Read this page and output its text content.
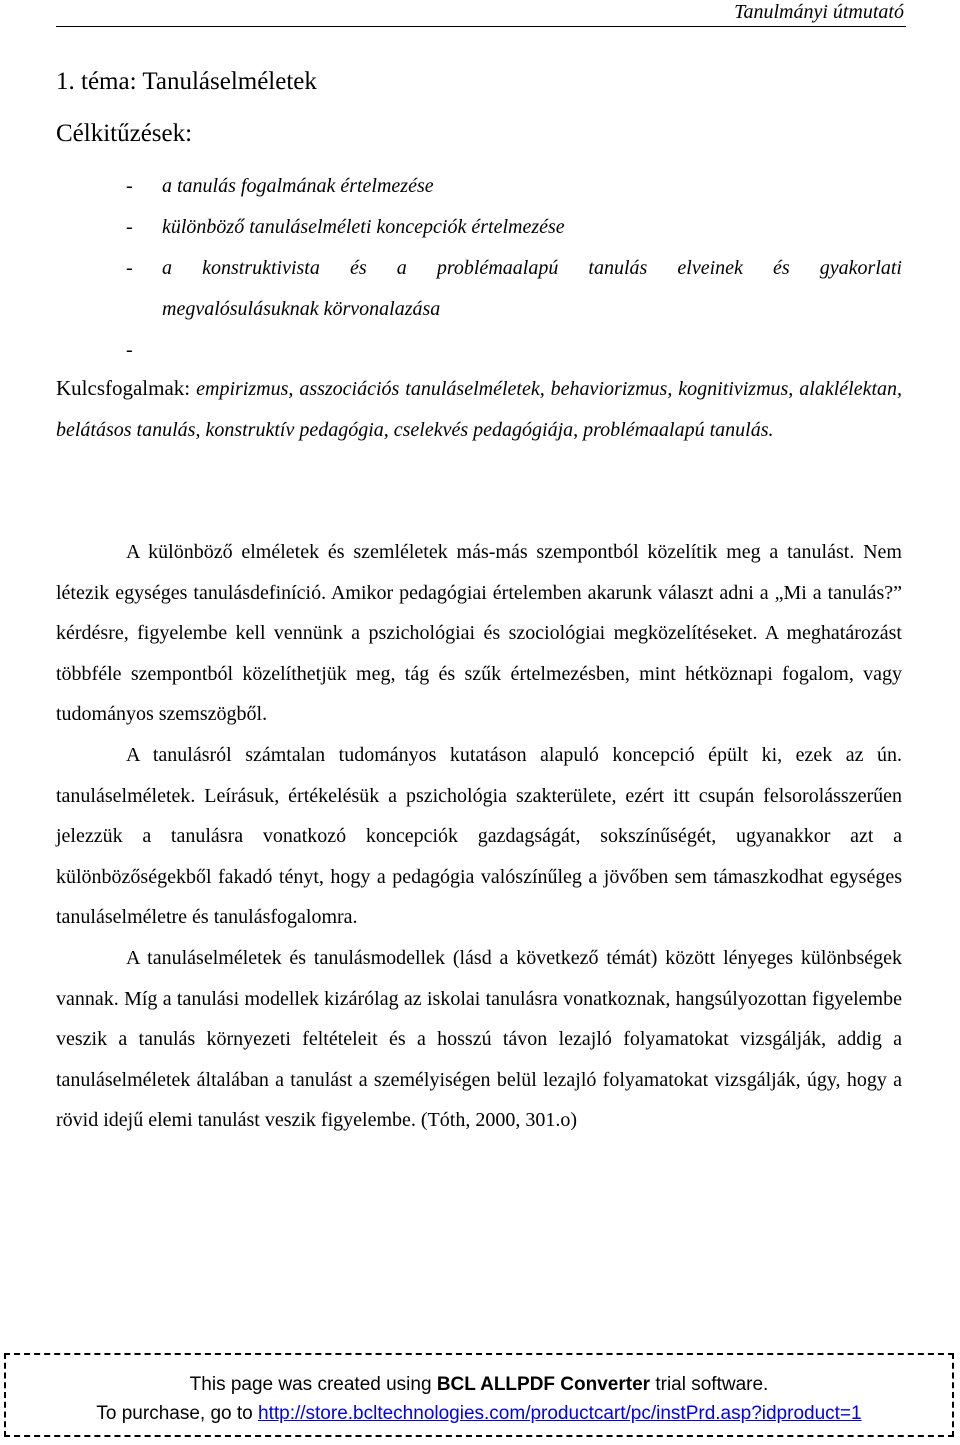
Tanulmányi útmutató
1. téma: Tanuláselméletek
Célkitűzések:
- a tanulás fogalmának értelmezése
- különböző tanuláselméleti koncepciók értelmezése
- a konstruktivista és a problémaalapú tanulás elveinek és gyakorlati
megvalósulásuknak körvonalazása
-
Kulcsfogalmak: empirizmus, asszociációs tanuláselméletek, behaviorizmus, kognitivizmus, alaklélektan, belátásos tanulás, konstruktív pedagógia, cselekvés pedagógiája, problémaalapú tanulás.

A különböző elméletek és szemléletek más-más szempontból közelítik meg a tanulást. Nem létezik egységes tanulásdefiníció. Amikor pedagógiai értelemben akarunk választ adni a „Mi a tanulás?” kérdésre, figyelembe kell vennünk a pszichológiai és szociológiai megközelítéseket. A meghatározást többféle szempontból közelíthetjük meg, tág és szűk értelmezésben, mint hétköznapi fogalom, vagy tudományos szemszögből.

A tanulásról számtalan tudományos kutatáson alapuló koncepció épült ki, ezek az ún. tanuláselméletek. Leírásuk, értékelésük a pszichológia szakterülete, ezért itt csupán felsorolásszerűen jelezzük a tanulásra vonatkozó koncepciók gazdagságát, sokszínűségét, ugyanakkor azt a különbözőségekből fakadó tényt, hogy a pedagógia valószínűleg a jövőben sem támaszkodhat egységes tanuláselméletre és tanulásfogalomra.

A tanuláselméletek és tanulásmodellek (lásd a következő témát) között lényeges különbségek vannak. Míg a tanulási modellek kizárólag az iskolai tanulásra vonatkoznak, hangsúlyozottan figyelembe veszik a tanulás környezeti feltételeit és a hosszú távon lezajló folyamatokat vizsgálják, addig a tanuláselméletek általában a tanulást a személyiségen belül lezajló folyamatokat vizsgálják, úgy, hogy a rövid idejű elemi tanulást veszik figyelembe. (Tóth, 2000, 301.o)

This page was created using BCL ALLPDF Converter trial software.
To purchase, go to http://store.bcltechnologies.com/productcart/pc/instPrd.asp?idproduct=1
